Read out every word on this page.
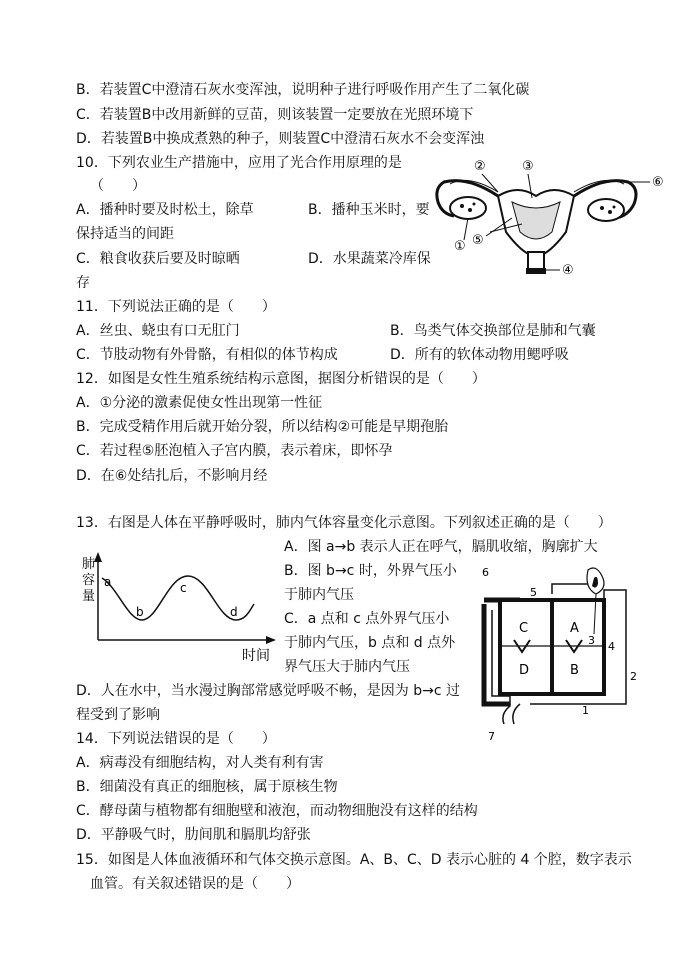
B．若装置C中澄清石灰水变浑浊，说明种子进行呼吸作用产生了二氧化碳
C．若装置B中改用新鲜的豆苗，则该装置一定要放在光照环境下
D．若装置B中换成煮熟的种子，则装置C中澄清石灰水不会变浑浊
10．下列农业生产措施中，应用了光合作用原理的是
（　　）
A．播种时要及时松土，除草	B．播种玉米时，要
保持适当的间距
C．粮食收获后要及时晾晒	D．水果蔬菜冷库保
存
②	③
⑥
① ⑤
④
11．下列说法正确的是（　　）
A．丝虫、蛲虫有口无肛门	B．鸟类气体交换部位是肺和气囊
C．节肢动物有外骨骼，有相似的体节构成	D．所有的软体动物用鳃呼吸
12．如图是女性生殖系统结构示意图，据图分析错误的是（　　）
A．①分泌的激素促使女性出现第一性征
B．完成受精作用后就开始分裂，所以结构②可能是早期孢胎
C．若过程⑤胚泡植入子宫内膜，表示着床，即怀孕
D．在⑥处结扎后，不影响月经
13．右图是人体在平静呼吸时，肺内气体容量变化示意图。下列叙述正确的是（　　）
肺
容
量
a
b
c
d
时间
A．图 a→b 表示人正在呼气，膈肌收缩，胸廓扩大
B．图 b→c 时，外界气压小
于肺内气压
C．a 点和 c 点外界气压小
于肺内气压，b 点和 d 点外
界气压大于肺内气压
D．人在水中，当水漫过胸部常感觉呼吸不畅，是因为 b→c 过
程受到了影响
C	A
D	B
6
5
3 4
2
1
7
14．下列说法错误的是（　　）
A．病毒没有细胞结构，对人类有利有害
B．细菌没有真正的细胞核，属于原核生物
C．酵母菌与植物都有细胞壁和液泡，而动物细胞没有这样的结构
D．平静吸气时，肋间肌和膈肌均舒张
15．如图是人体血液循环和气体交换示意图。A、B、C、D 表示心脏的 4 个腔，数字表示
血管。有关叙述错误的是（　　）
